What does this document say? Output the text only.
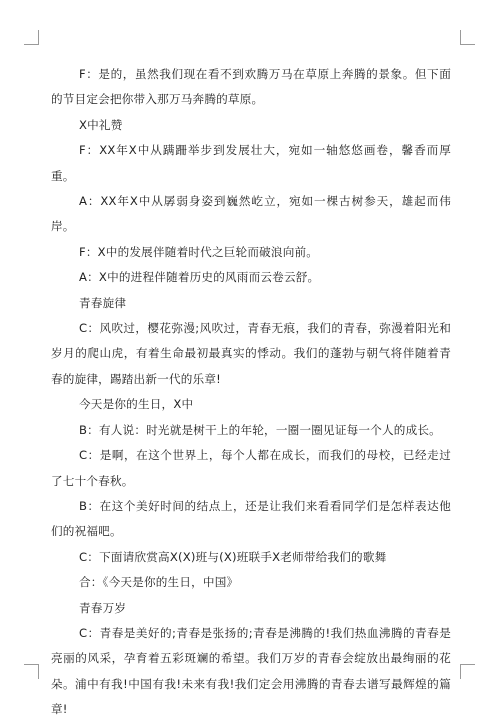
F：是的，虽然我们现在看不到欢腾万马在草原上奔腾的景象。但下面的节目定会把你带入那万马奔腾的草原。

X中礼赞

F：XX年X中从蹒跚举步到发展壮大，宛如一轴悠悠画卷，馨香而厚重。

A：XX年X中从孱弱身姿到巍然屹立，宛如一棵古树参天，雄起而伟岸。

F：X中的发展伴随着时代之巨轮而破浪向前。

A：X中的进程伴随着历史的风雨而云卷云舒。

青春旋律

C：风吹过，樱花弥漫;风吹过，青春无痕，我们的青春，弥漫着阳光和岁月的爬山虎，有着生命最初最真实的悸动。我们的蓬勃与朝气将伴随着青春的旋律，踢踏出新一代的乐章!

今天是你的生日，X中

B：有人说：时光就是树干上的年轮，一圈一圈见证每一个人的成长。

C：是啊，在这个世界上，每个人都在成长，而我们的母校，已经走过了七十个春秋。

B：在这个美好时间的结点上，还是让我们来看看同学们是怎样表达他们的祝福吧。

C：下面请欣赏高X(X)班与(X)班联手X老师带给我们的歌舞

合：《今天是你的生日，中国》

青春万岁

C：青春是美好的;青春是张扬的;青春是沸腾的!我们热血沸腾的青春是亮丽的风采，孕育着五彩斑斓的希望。我们万岁的青春会绽放出最绚丽的花朵。浦中有我!中国有我!未来有我!我们定会用沸腾的青春去谱写最辉煌的篇章!
